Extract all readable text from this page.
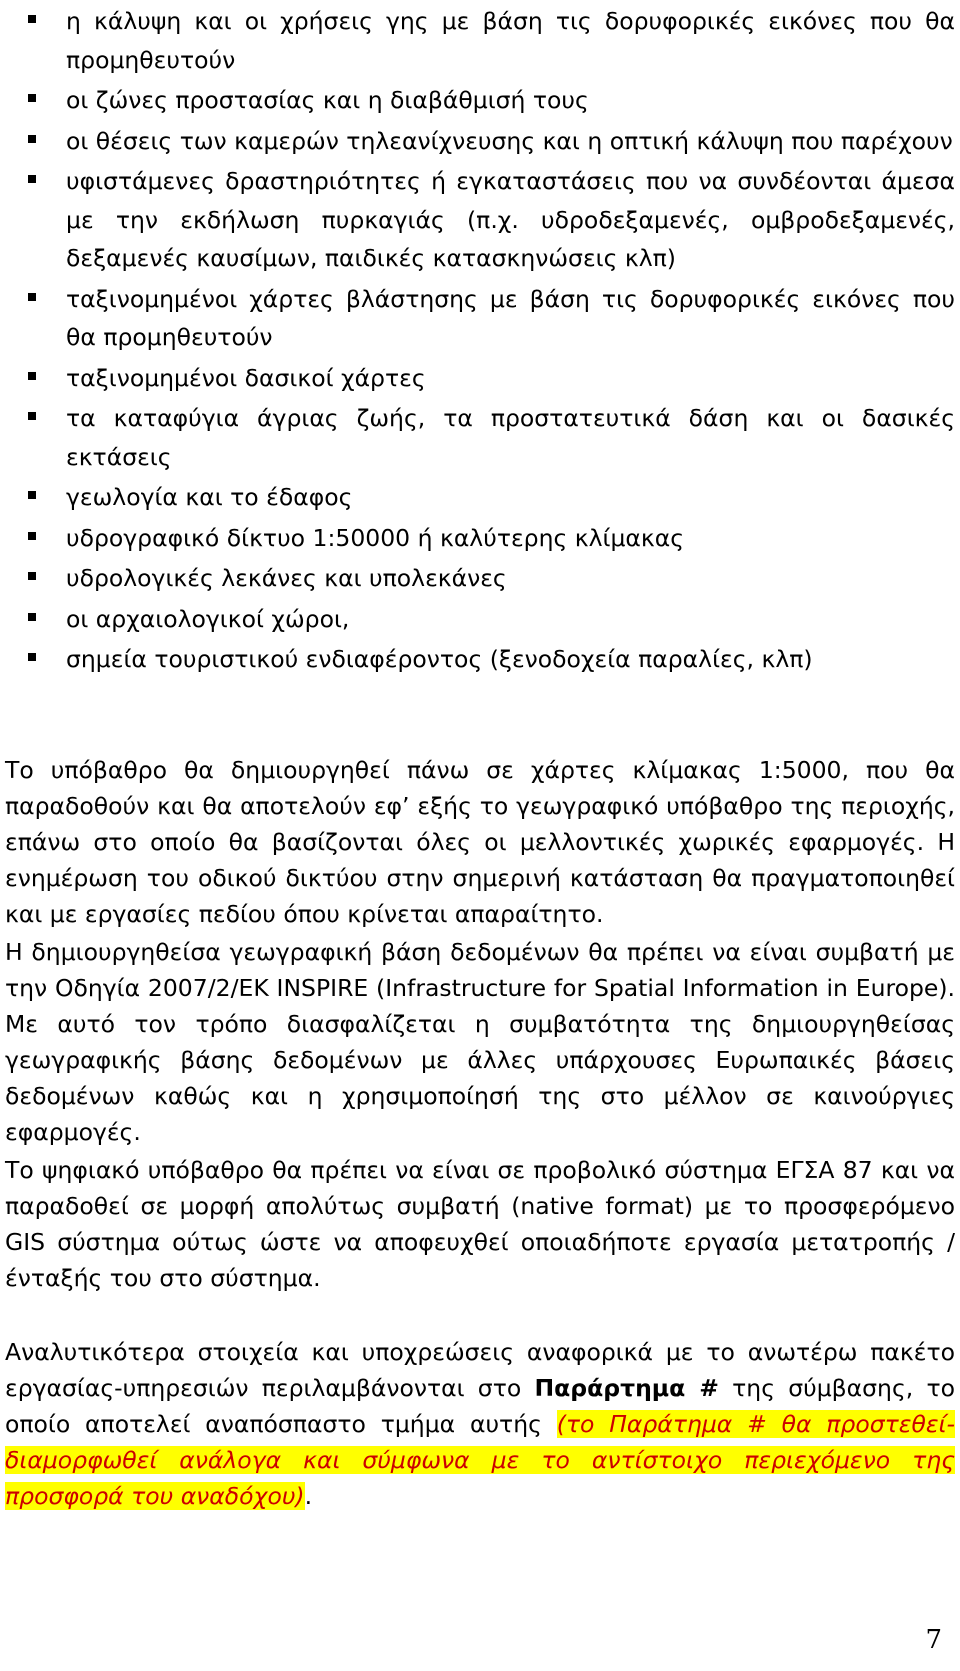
η κάλυψη και οι χρήσεις γης με βάση τις δορυφορικές εικόνες που θα προμηθευτούν
οι ζώνες προστασίας και η διαβάθμισή τους
οι θέσεις των καμερών τηλεανίχνευσης και η οπτική κάλυψη που παρέχουν
υφιστάμενες δραστηριότητες ή εγκαταστάσεις που να συνδέονται άμεσα με την εκδήλωση πυρκαγιάς (π.χ. υδροδεξαμενές, ομβροδεξαμενές, δεξαμενές καυσίμων, παιδικές κατασκηνώσεις κλπ)
ταξινομημένοι χάρτες βλάστησης με βάση τις δορυφορικές εικόνες που θα προμηθευτούν
ταξινομημένοι δασικοί χάρτες
τα καταφύγια άγριας ζωής, τα προστατευτικά δάση και οι δασικές εκτάσεις
γεωλογία και το έδαφος
υδρογραφικό δίκτυο 1:50000 ή καλύτερης κλίμακας
υδρολογικές λεκάνες και υπολεκάνες
οι αρχαιολογικοί χώροι,
σημεία τουριστικού ενδιαφέροντος (ξενοδοχεία παραλίες, κλπ)

Το υπόβαθρο θα δημιουργηθεί πάνω σε χάρτες κλίμακας 1:5000, που θα παραδοθούν και θα αποτελούν εφ’ εξής το γεωγραφικό υπόβαθρο της περιοχής, επάνω στο οποίο θα βασίζονται όλες οι μελλοντικές χωρικές εφαρμογές. Η ενημέρωση του οδικού δικτύου στην σημερινή κατάσταση θα πραγματοποιηθεί και με εργασίες πεδίου όπου κρίνεται απαραίτητο.

Η δημιουργηθείσα γεωγραφική βάση δεδομένων θα πρέπει να είναι συμβατή με την Οδηγία 2007/2/ΕΚ INSPIRE (Infrastructure for Spatial Information in Europe). Με αυτό τον τρόπο διασφαλίζεται η συμβατότητα της δημιουργηθείσας γεωγραφικής βάσης δεδομένων με άλλες υπάρχουσες Ευρωπαικές βάσεις δεδομένων καθώς και η χρησιμοποίησή της στο μέλλον σε καινούργιες εφαρμογές.

Το ψηφιακό υπόβαθρο θα πρέπει να είναι σε προβολικό σύστημα ΕΓΣΑ 87 και να παραδοθεί σε μορφή απολύτως συμβατή (native format) με το προσφερόμενο GIS σύστημα ούτως ώστε να αποφευχθεί οποιαδήποτε εργασία μετατροπής / ένταξής του στο σύστημα.

Αναλυτικότερα στοιχεία και υποχρεώσεις αναφορικά με το ανωτέρω πακέτο εργασίας-υπηρεσιών περιλαμβάνονται στο Παράρτημα # της σύμβασης, το οποίο αποτελεί αναπόσπαστο τμήμα αυτής (το Παράτημα # θα προστεθεί-διαμορφωθεί ανάλογα και σύμφωνα με το αντίστοιχο περιεχόμενο της προσφορά του αναδόχου).

7
